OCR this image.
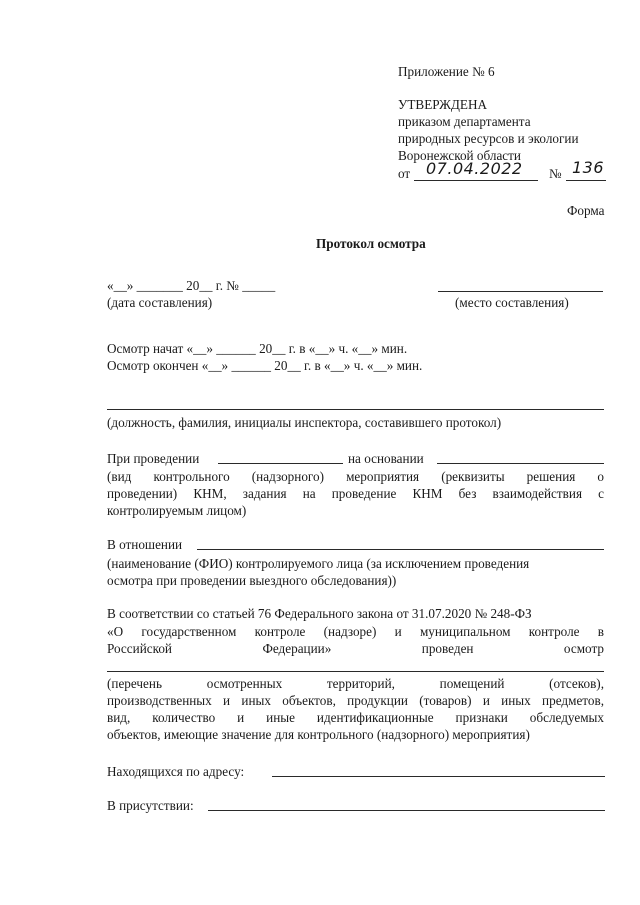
Приложение № 6
УТВЕРЖДЕНА
приказом департамента
природных ресурсов и экологии
Воронежской области
от 07.04.2022 № 136
Форма
Протокол осмотра
«__» _______ 20__ г. № _____
(дата составления)	(место составления)
Осмотр начат «__» ______ 20__ г. в «__» ч. «__» мин.
Осмотр окончен «__» ______ 20__ г. в «__» ч. «__» мин.
(должность, фамилия, инициалы инспектора, составившего протокол)
При проведении	на основании
(вид контрольного (надзорного) мероприятия (реквизиты решения о
проведении) КНМ, задания на проведение КНМ без взаимодействия с
контролируемым лицом)
В отношении
(наименование (ФИО) контролируемого лица (за исключением проведения
осмотра при проведении выездного обследования))
В соответствии со статьей 76 Федерального закона от 31.07.2020 № 248-ФЗ
«О государственном контроле (надзоре) и муниципальном контроле в
Российской Федерации» проведен осмотр
(перечень осмотренных территорий, помещений (отсеков),
производственных и иных объектов, продукции (товаров) и иных предметов,
вид, количество и иные идентификационные признаки обследуемых
объектов, имеющие значение для контрольного (надзорного) мероприятия)
Находящихся по адресу:
В присутствии:
